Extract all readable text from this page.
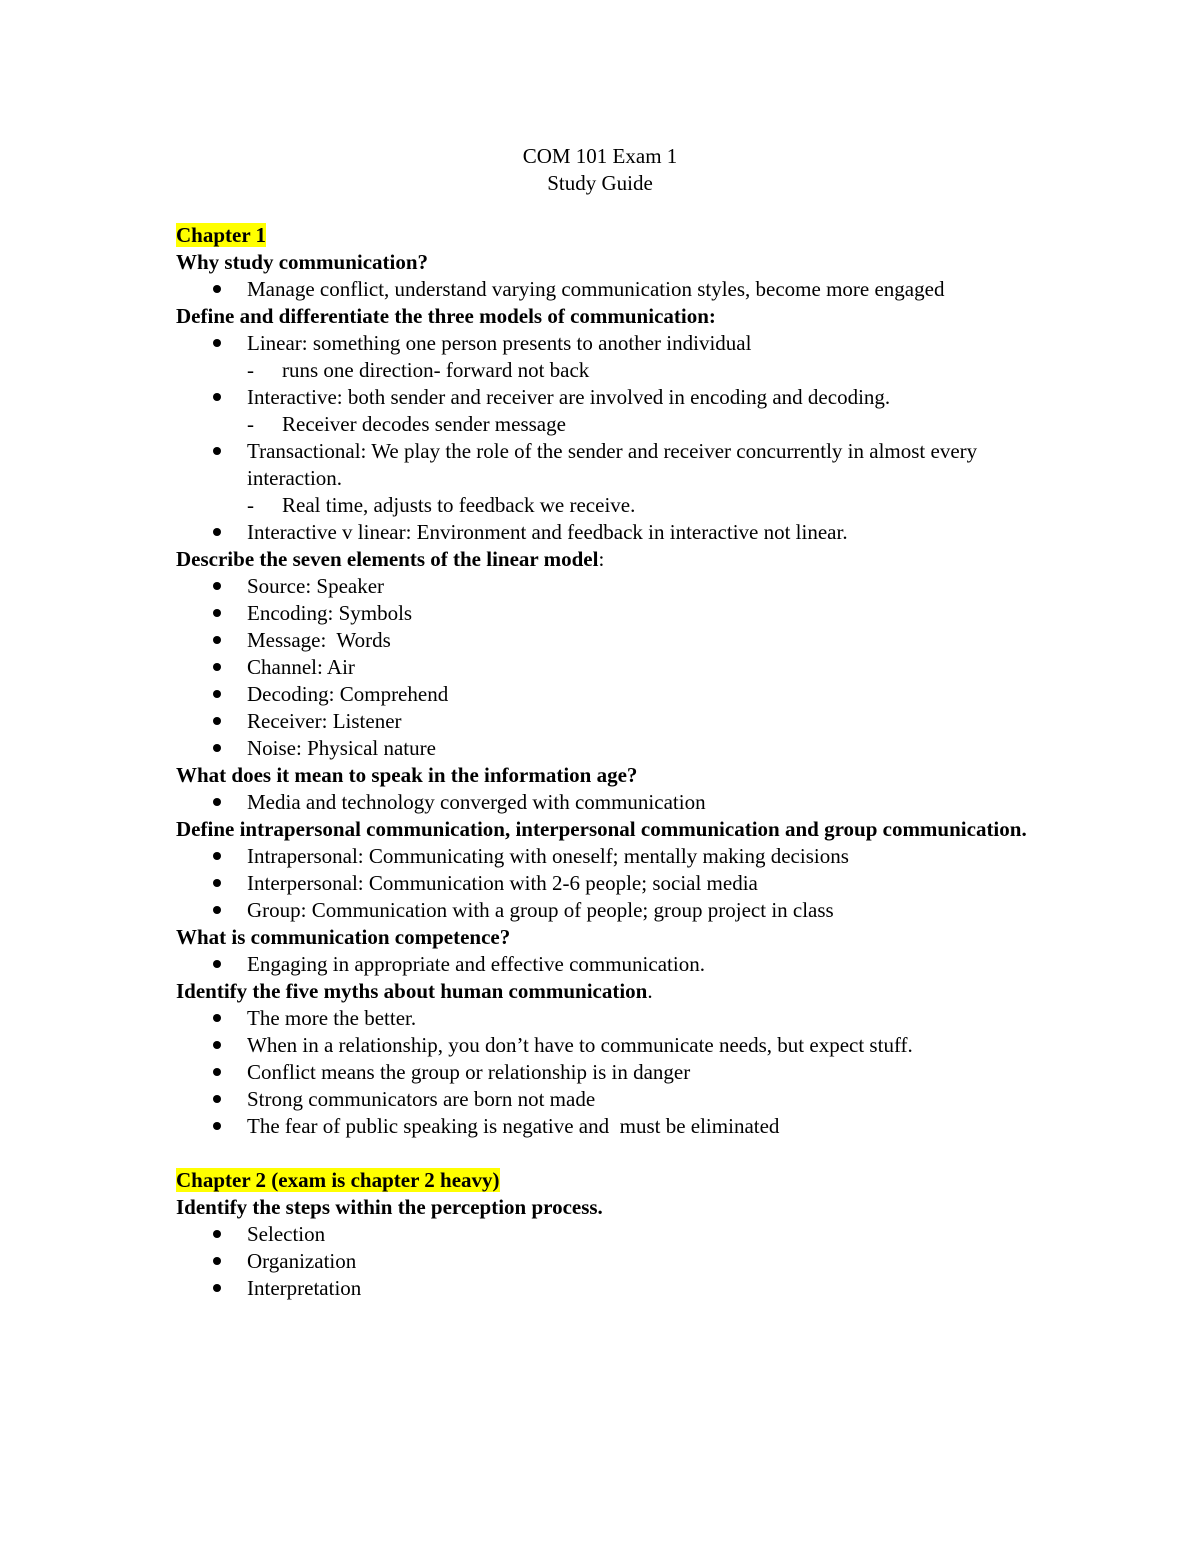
COM 101 Exam 1
Study Guide
Chapter 1
Why study communication?
Manage conflict, understand varying communication styles, become more engaged
Define and differentiate the three models of communication:
Linear: something one person presents to another individual
- runs one direction- forward not back
Interactive: both sender and receiver are involved in encoding and decoding.
- Receiver decodes sender message
Transactional: We play the role of the sender and receiver concurrently in almost every interaction.
- Real time, adjusts to feedback we receive.
Interactive v linear: Environment and feedback in interactive not linear.
Describe the seven elements of the linear model:
Source: Speaker
Encoding: Symbols
Message:  Words
Channel: Air
Decoding: Comprehend
Receiver: Listener
Noise: Physical nature
What does it mean to speak in the information age?
Media and technology converged with communication
Define intrapersonal communication, interpersonal communication and group communication.
Intrapersonal: Communicating with oneself; mentally making decisions
Interpersonal: Communication with 2-6 people; social media
Group: Communication with a group of people; group project in class
What is communication competence?
Engaging in appropriate and effective communication.
Identify the five myths about human communication.
The more the better.
When in a relationship, you don’t have to communicate needs, but expect stuff.
Conflict means the group or relationship is in danger
Strong communicators are born not made
The fear of public speaking is negative and  must be eliminated
Chapter 2 (exam is chapter 2 heavy)
Identify the steps within the perception process.
Selection
Organization
Interpretation
